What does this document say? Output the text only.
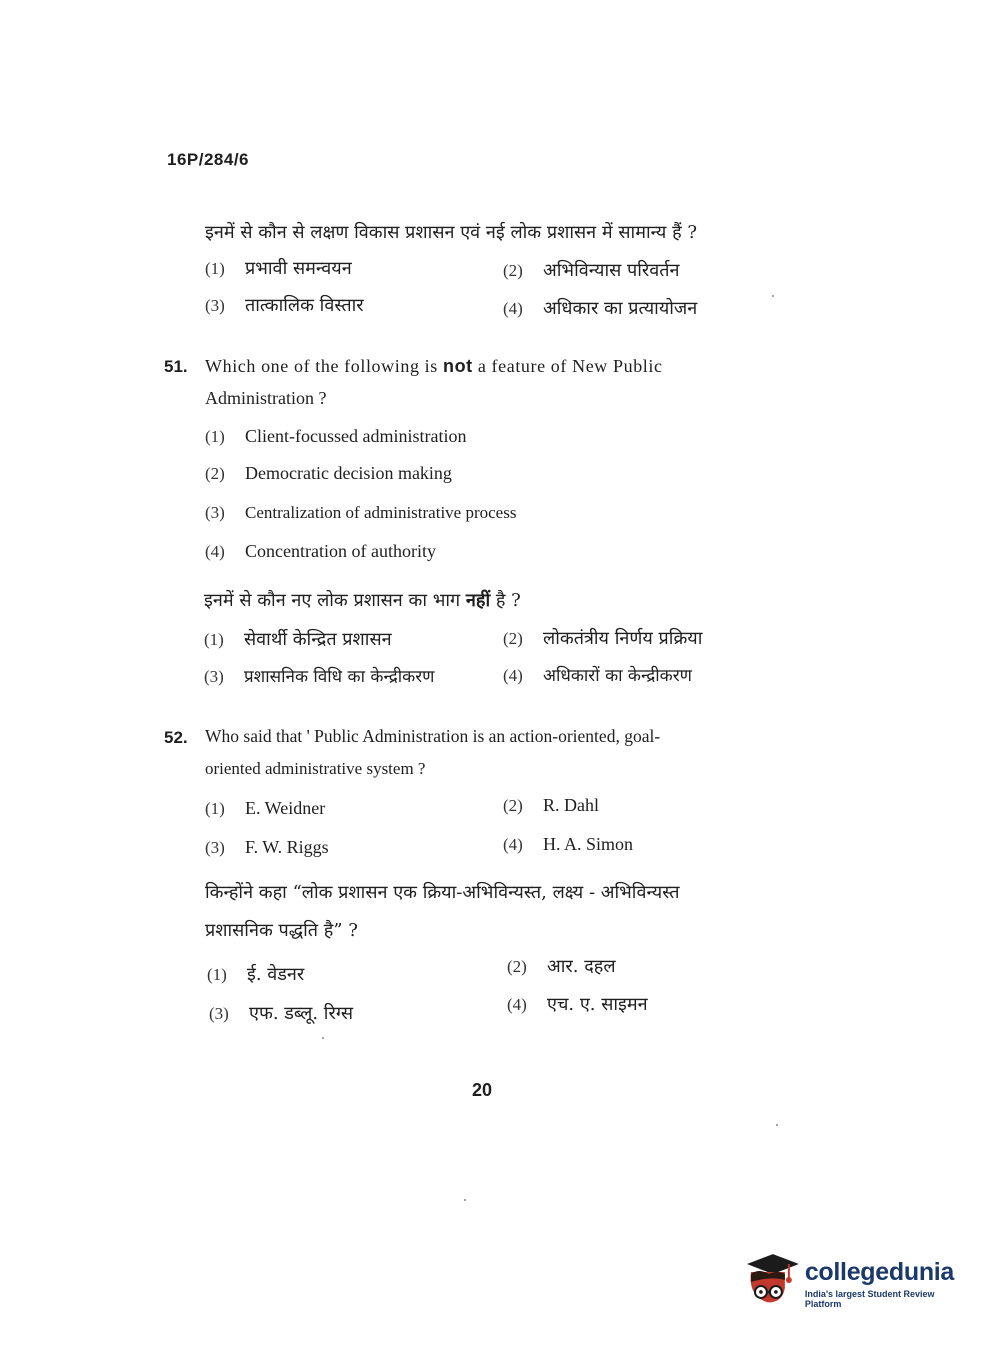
16P/284/6
इनमें से कौन से लक्षण विकास प्रशासन एवं नई लोक प्रशासन में सामान्य हैं ?
(1) प्रभावी समन्वयन	(2) अभिविन्यास परिवर्तन
(3) तात्कालिक विस्तार	(4) अधिकार का प्रत्यायोजन
51. Which one of the following is not a feature of New Public
Administration ?
(1) Client-focussed administration
(2) Democratic decision making
(3) Centralization of administrative process
(4) Concentration of authority
इनमें से कौन नए लोक प्रशासन का भाग नहीं है ?
(1) सेवार्थी केन्द्रित प्रशासन	(2) लोकतंत्रीय निर्णय प्रक्रिया
(3) प्रशासनिक विधि का केन्द्रीकरण	(4) अधिकारों का केन्द्रीकरण
52. Who said that ' Public Administration is an action-oriented, goal-
oriented administrative system ?
(1) E. Weidner	(2) R. Dahl
(3) F. W. Riggs	(4) H. A. Simon
किन्होंने कहा “लोक प्रशासन एक क्रिया-अभिविन्यस्त, लक्ष्य - अभिविन्यस्त
प्रशासनिक पद्धति है” ?
(1) ई. वेडनर	(2) आर. दहल
(3) एफ. डब्लू. रिग्स	(4) एच. ए. साइमन
20
collegedunia
India's largest Student Review Platform
